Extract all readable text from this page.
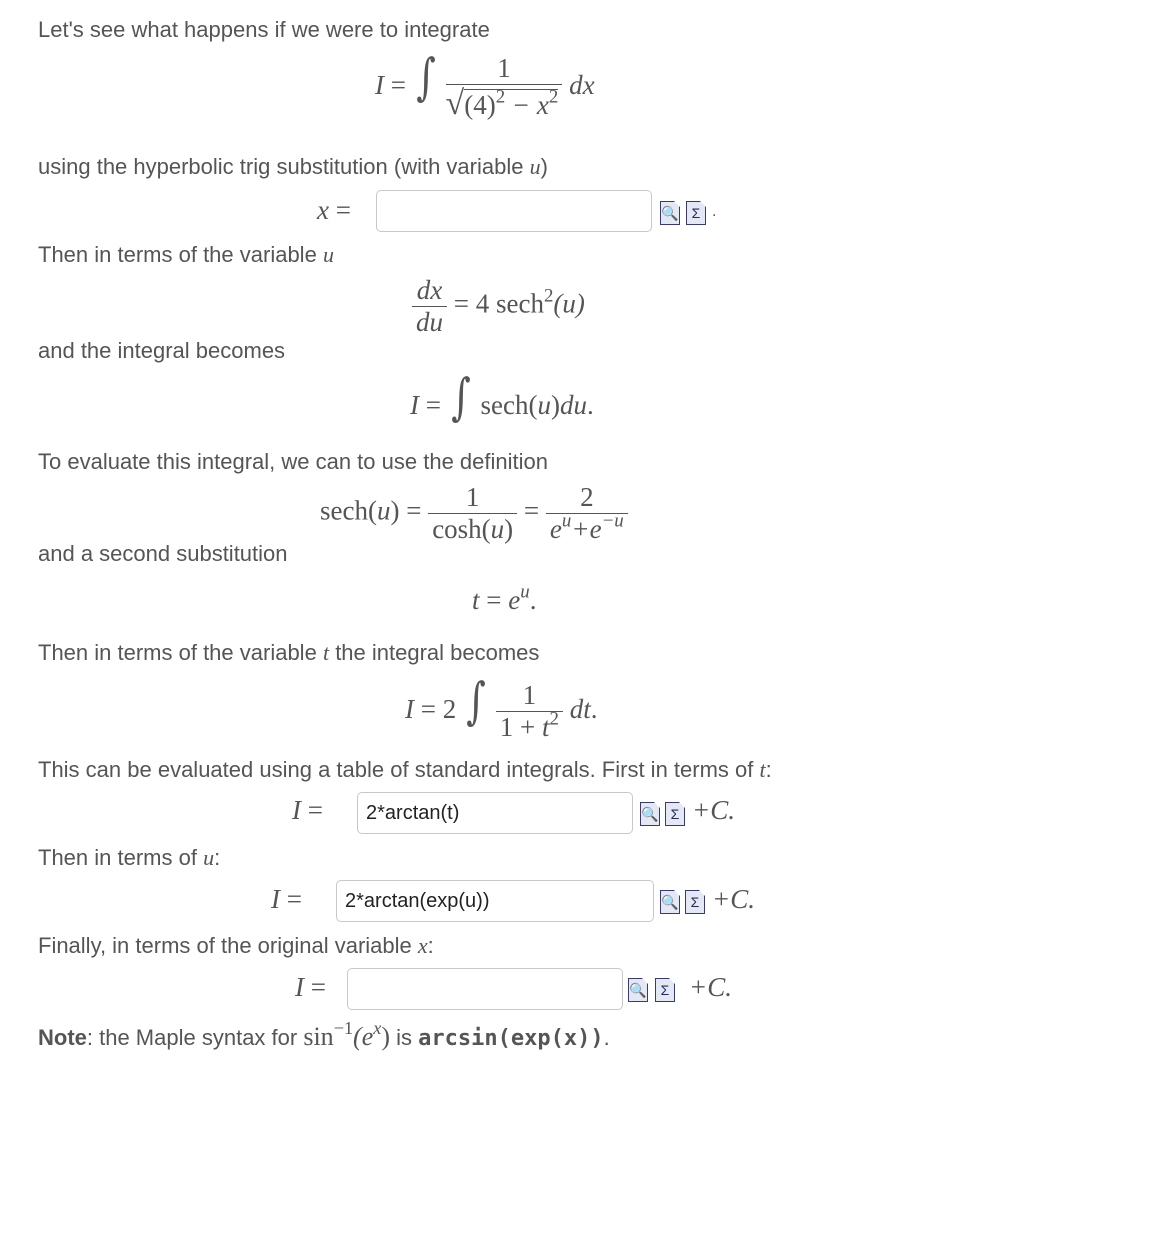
Let's see what happens if we were to integrate
I = ∫ $\frac{1}{√(4)^2 - x^2}$ dx
using the hyperbolic trig substitution (with variable u)
x =	🔍 Σ .
Then in terms of the variable u
$\frac{dx}{du} = 4$ sech$^2$(u)
and the integral becomes
I = ∫ sech(u)du.
To evaluate this integral, we can to use the definition
$\sec h(u) = \frac{1}{\cosh(u)} = \frac{2}{e^u+e^{-u}}$
and a second substitution
$t = e^u$.
Then in terms of the variable t the integral becomes
I = 2 ∫ $\frac{1}{1 + t^2}$ dt.
This can be evaluated using a table of standard integrals. First in terms of t:
I =	2*arctan(t)	🔍 Σ +C.
Then in terms of u:
I =	2*arctan(exp(u))	🔍 Σ +C.
Finally, in terms of the original variable x:
I =	🔍 Σ +C.
Note: the Maple syntax for $\sin^{-1}(e^x)$ is arcsin(exp(x)).
